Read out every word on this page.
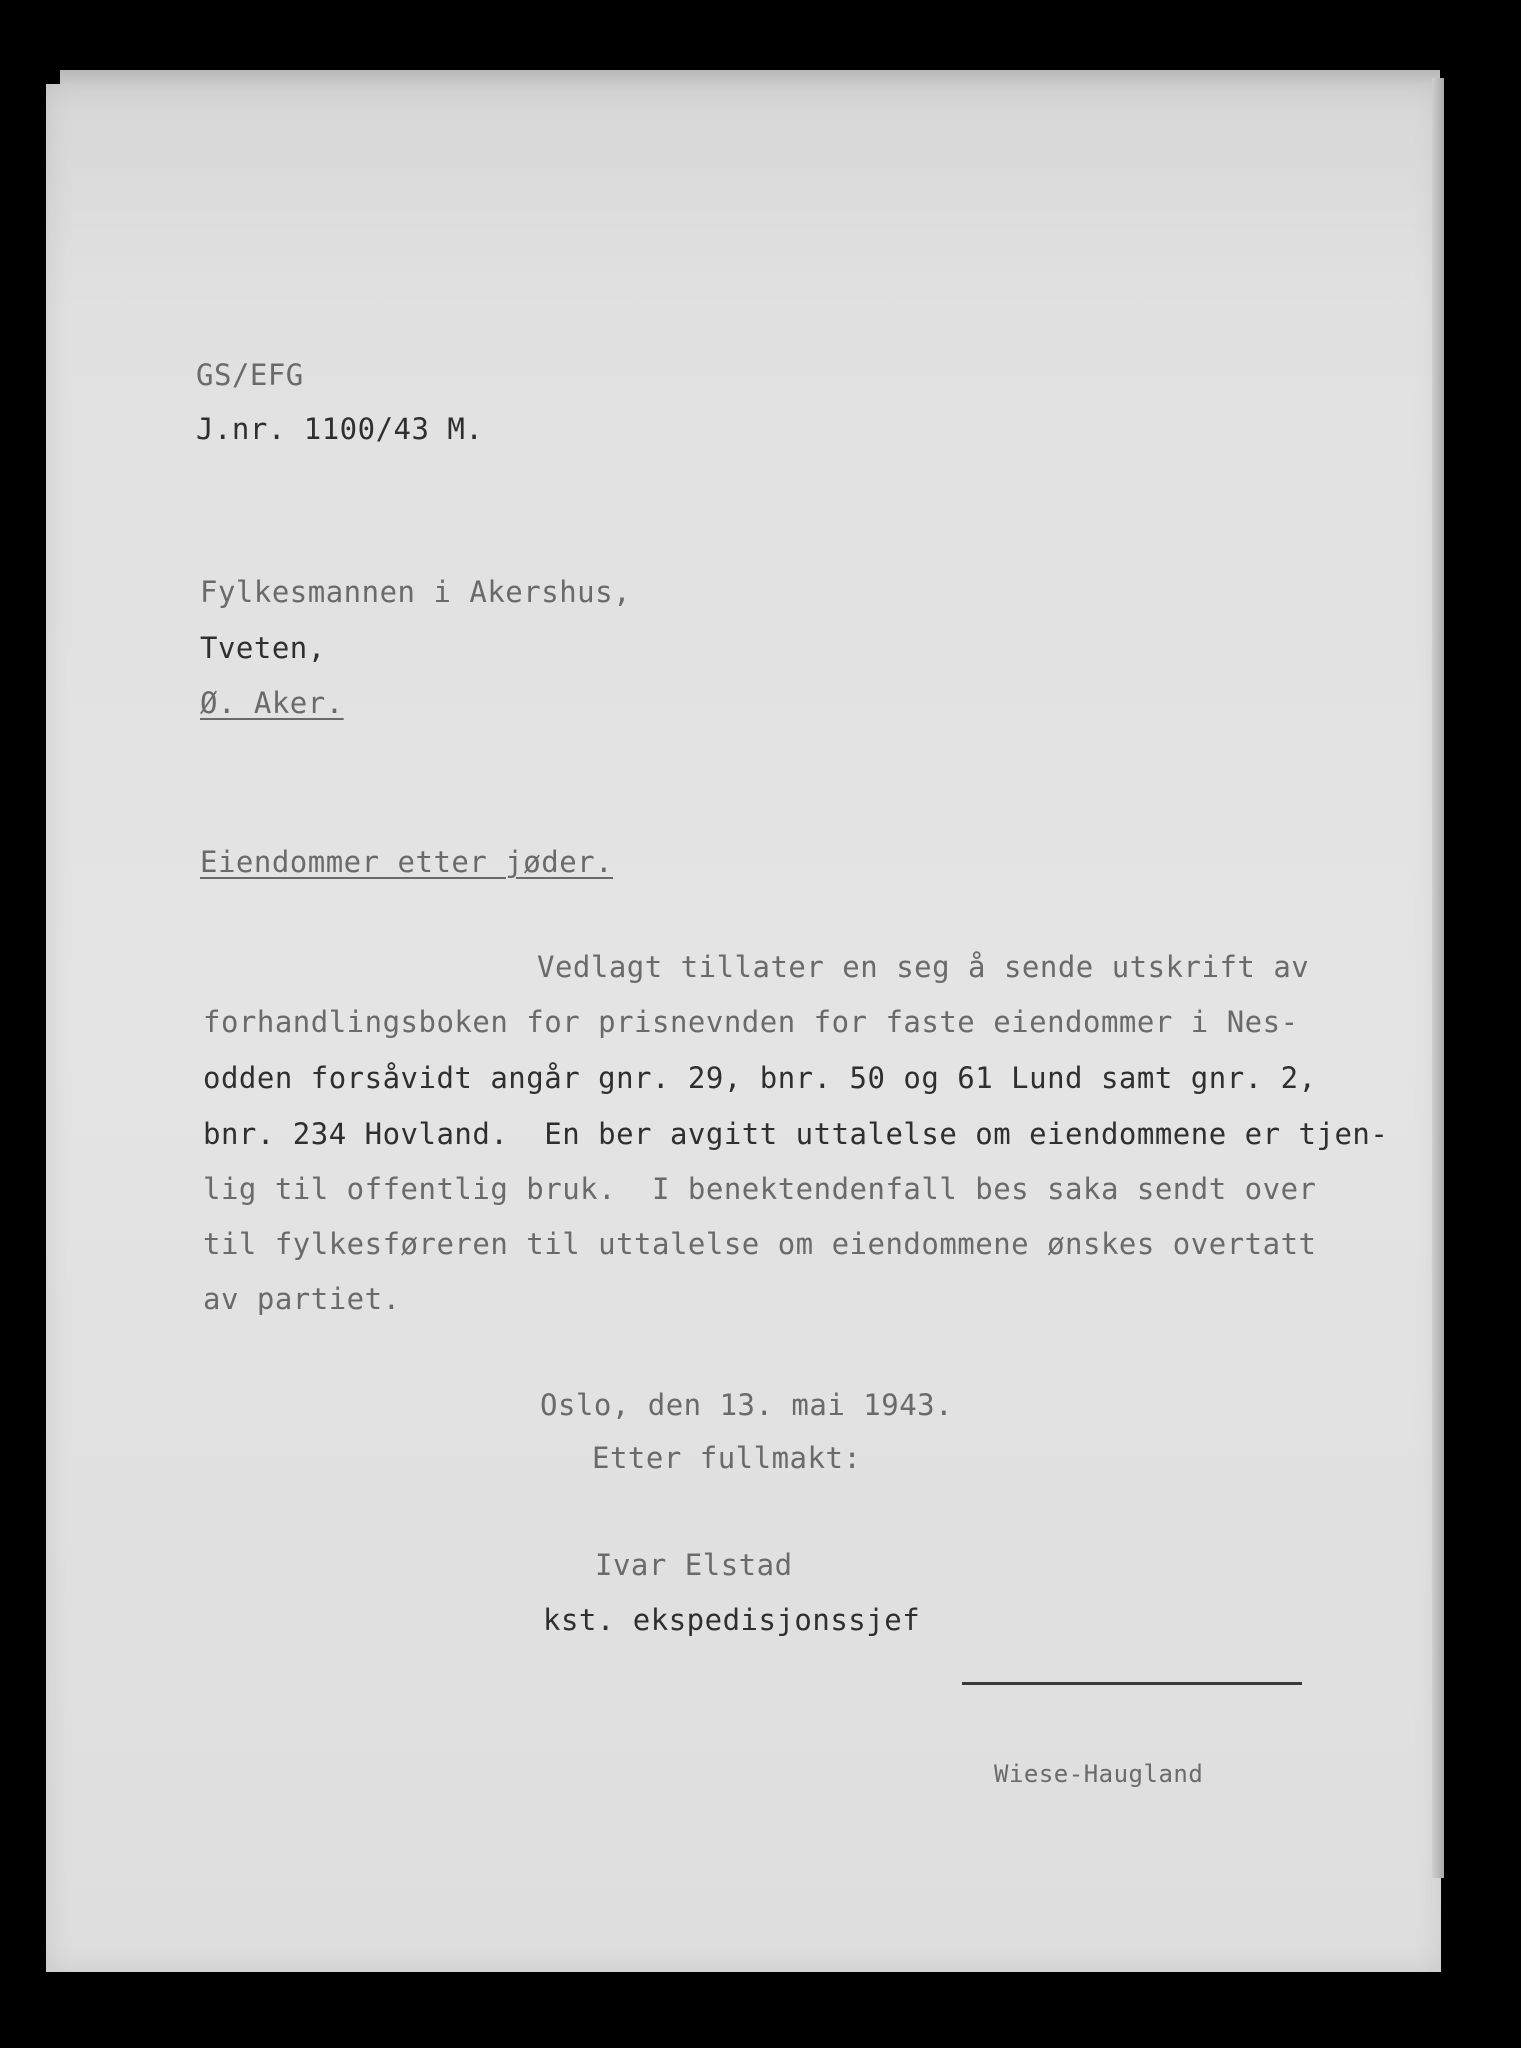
GS/EFG
J.nr. 1100/43 M.
Fylkesmannen i Akershus,
Tveten,
Ø. Aker.
Eiendommer etter jøder.
Vedlagt tillater en seg å sende utskrift av
forhandlingsboken for prisnevnden for faste eiendommer i Nes-
odden forsåvidt angår gnr. 29, bnr. 50 og 61 Lund samt gnr. 2,
bnr. 234 Hovland.  En ber avgitt uttalelse om eiendommene er tjen-
lig til offentlig bruk.  I benektendenfall bes saka sendt over
til fylkesføreren til uttalelse om eiendommene ønskes overtatt
av partiet.
Oslo, den 13. mai 1943.
Etter fullmakt:
Ivar Elstad
kst. ekspedisjonssjef
Wiese-Haugland
